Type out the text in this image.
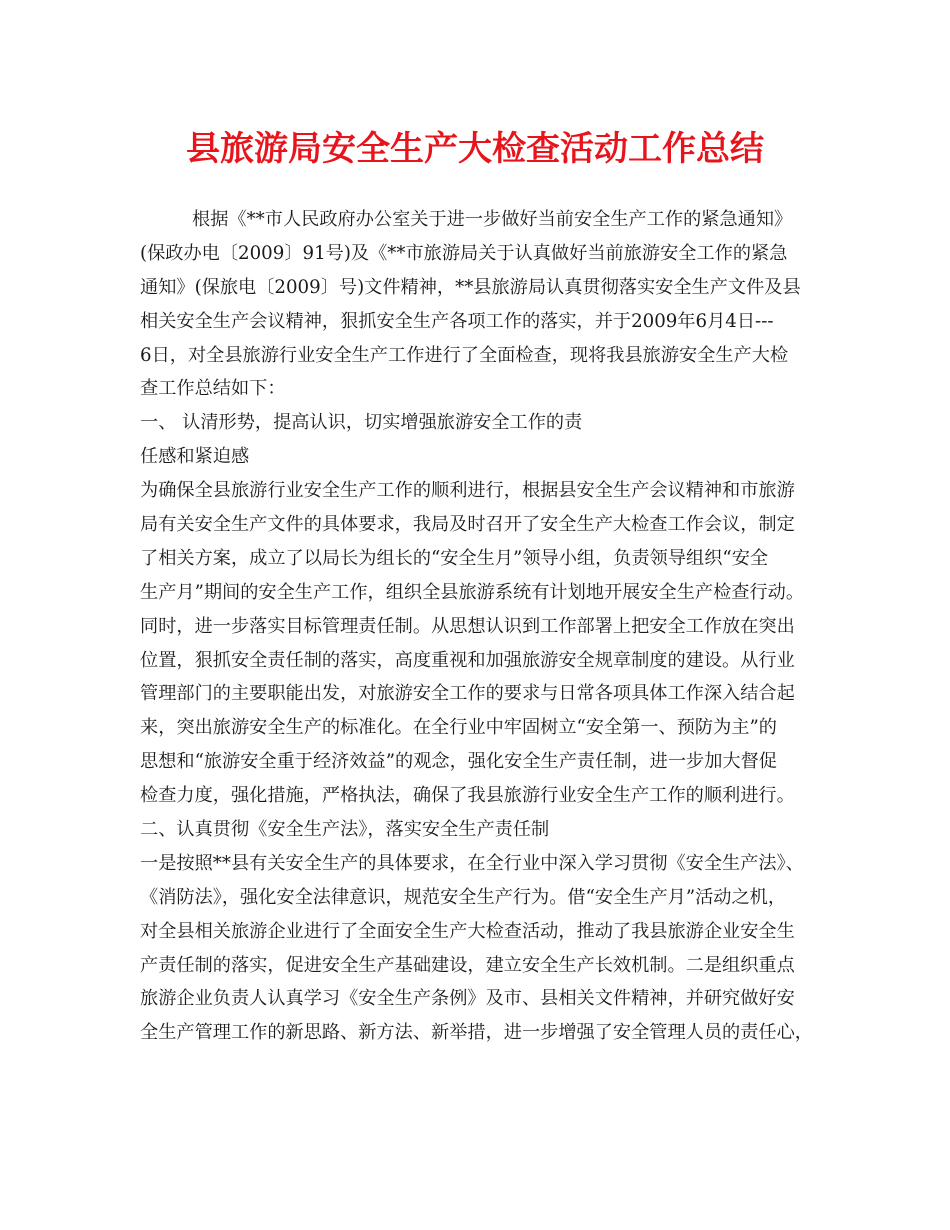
县旅游局安全生产大检查活动工作总结
根据《**市人民政府办公室关于进一步做好当前安全生产工作的紧急通知》
(保政办电〔2009〕91号)及《**市旅游局关于认真做好当前旅游安全工作的紧急
通知》(保旅电〔2009〕号)文件精神，**县旅游局认真贯彻落实安全生产文件及县
相关安全生产会议精神，狠抓安全生产各项工作的落实，并于2009年6月4日---
6日，对全县旅游行业安全生产工作进行了全面检查，现将我县旅游安全生产大检
查工作总结如下：
一、 认清形势，提高认识，切实增强旅游安全工作的责
任感和紧迫感
为确保全县旅游行业安全生产工作的顺利进行，根据县安全生产会议精神和市旅游
局有关安全生产文件的具体要求，我局及时召开了安全生产大检查工作会议，制定
了相关方案，成立了以局长为组长的“安全生月”领导小组，负责领导组织“安全
生产月”期间的安全生产工作，组织全县旅游系统有计划地开展安全生产检查行动。
同时，进一步落实目标管理责任制。从思想认识到工作部署上把安全工作放在突出
位置，狠抓安全责任制的落实，高度重视和加强旅游安全规章制度的建设。从行业
管理部门的主要职能出发，对旅游安全工作的要求与日常各项具体工作深入结合起
来，突出旅游安全生产的标准化。在全行业中牢固树立“安全第一、预防为主”的
思想和“旅游安全重于经济效益”的观念，强化安全生产责任制，进一步加大督促
检查力度，强化措施，严格执法，确保了我县旅游行业安全生产工作的顺利进行。
二、认真贯彻《安全生产法》，落实安全生产责任制
一是按照**县有关安全生产的具体要求，在全行业中深入学习贯彻《安全生产法》、
《消防法》，强化安全法律意识，规范安全生产行为。借“安全生产月”活动之机，
对全县相关旅游企业进行了全面安全生产大检查活动，推动了我县旅游企业安全生
产责任制的落实，促进安全生产基础建设，建立安全生产长效机制。二是组织重点
旅游企业负责人认真学习《安全生产条例》及市、县相关文件精神，并研究做好安
全生产管理工作的新思路、新方法、新举措，进一步增强了安全管理人员的责任心，
